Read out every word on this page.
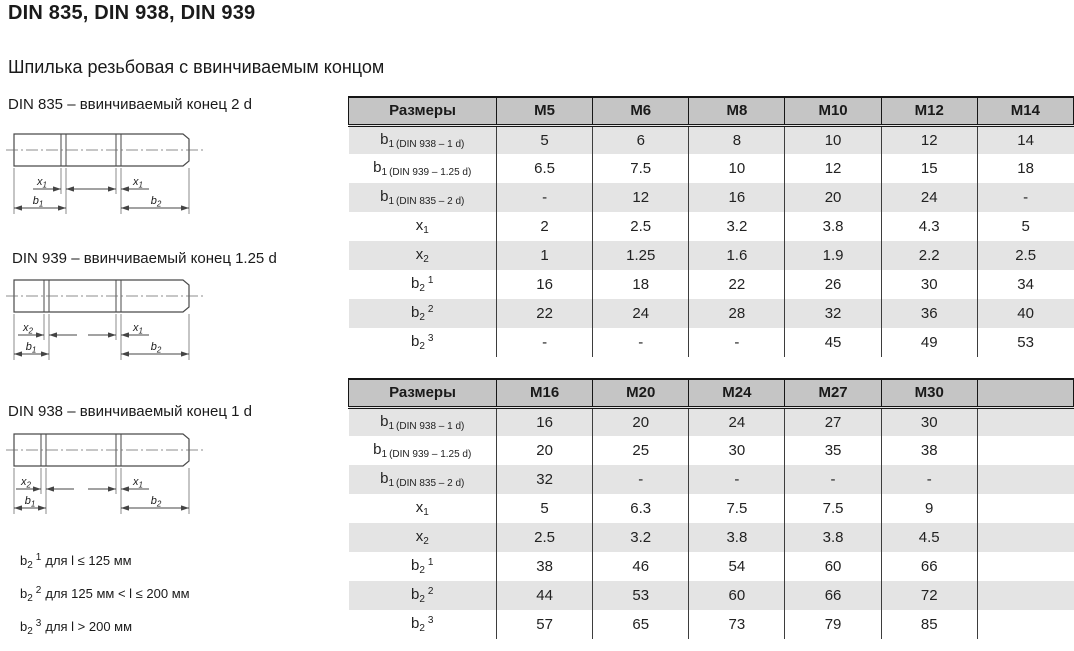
DIN 835, DIN 938, DIN 939
Шпилька резьбовая с ввинчиваемым концом
DIN 835 – ввинчиваемый конец 2 d
$x_1$	$x_1$
$b_1$	$b_2$
DIN 939 – ввинчиваемый конец 1.25 d
$x_2$	$x_1$
$b_1$	$b_2$
DIN 938 – ввинчиваемый конец 1 d
$x_2$	$x_1$
$b_1$	$b_2$
$b_2^1$ для l ≤ 125 мм
$b_2^2$ для 125 мм < l ≤ 200 мм
$b_2^3$ для l > 200 мм
Размеры	M5	M6	M8	M10	M12	M14
$b_1$ $_{(DIN 938 - 1 d)}$	5	6	8	10	12	14
$b_1$ $_{(DIN 939 - 1.25 d)}$	6.5	7.5	10	12	15	18
$b_1$ $_{(DIN 835 - 2 d)}$	-	12	16	20	24	-
$x_1$	2	2.5	3.2	3.8	4.3	5
$x_2$	1	1.25	1.6	1.9	2.2	2.5
$b_2^1$	16	18	22	26	30	34
$b_2^2$	22	24	28	32	36	40
$b_2^3$	-	-	-	45	49	53
Размеры	M16	M20	M24	M27	M30	
$b_1$ $_{(DIN 938 - 1 d)}$	16	20	24	27	30	
$b_1$ $_{(DIN 939 - 1.25 d)}$	20	25	30	35	38	
$b_1$ $_{(DIN 835 - 2 d)}$	32	-	-	-	-	
$x_1$	5	6.3	7.5	7.5	9	
$x_2$	2.5	3.2	3.8	3.8	4.5	
$b_2^1$	38	46	54	60	66	
$b_2^2$	44	53	60	66	72	
$b_2^3$	57	65	73	79	85	
